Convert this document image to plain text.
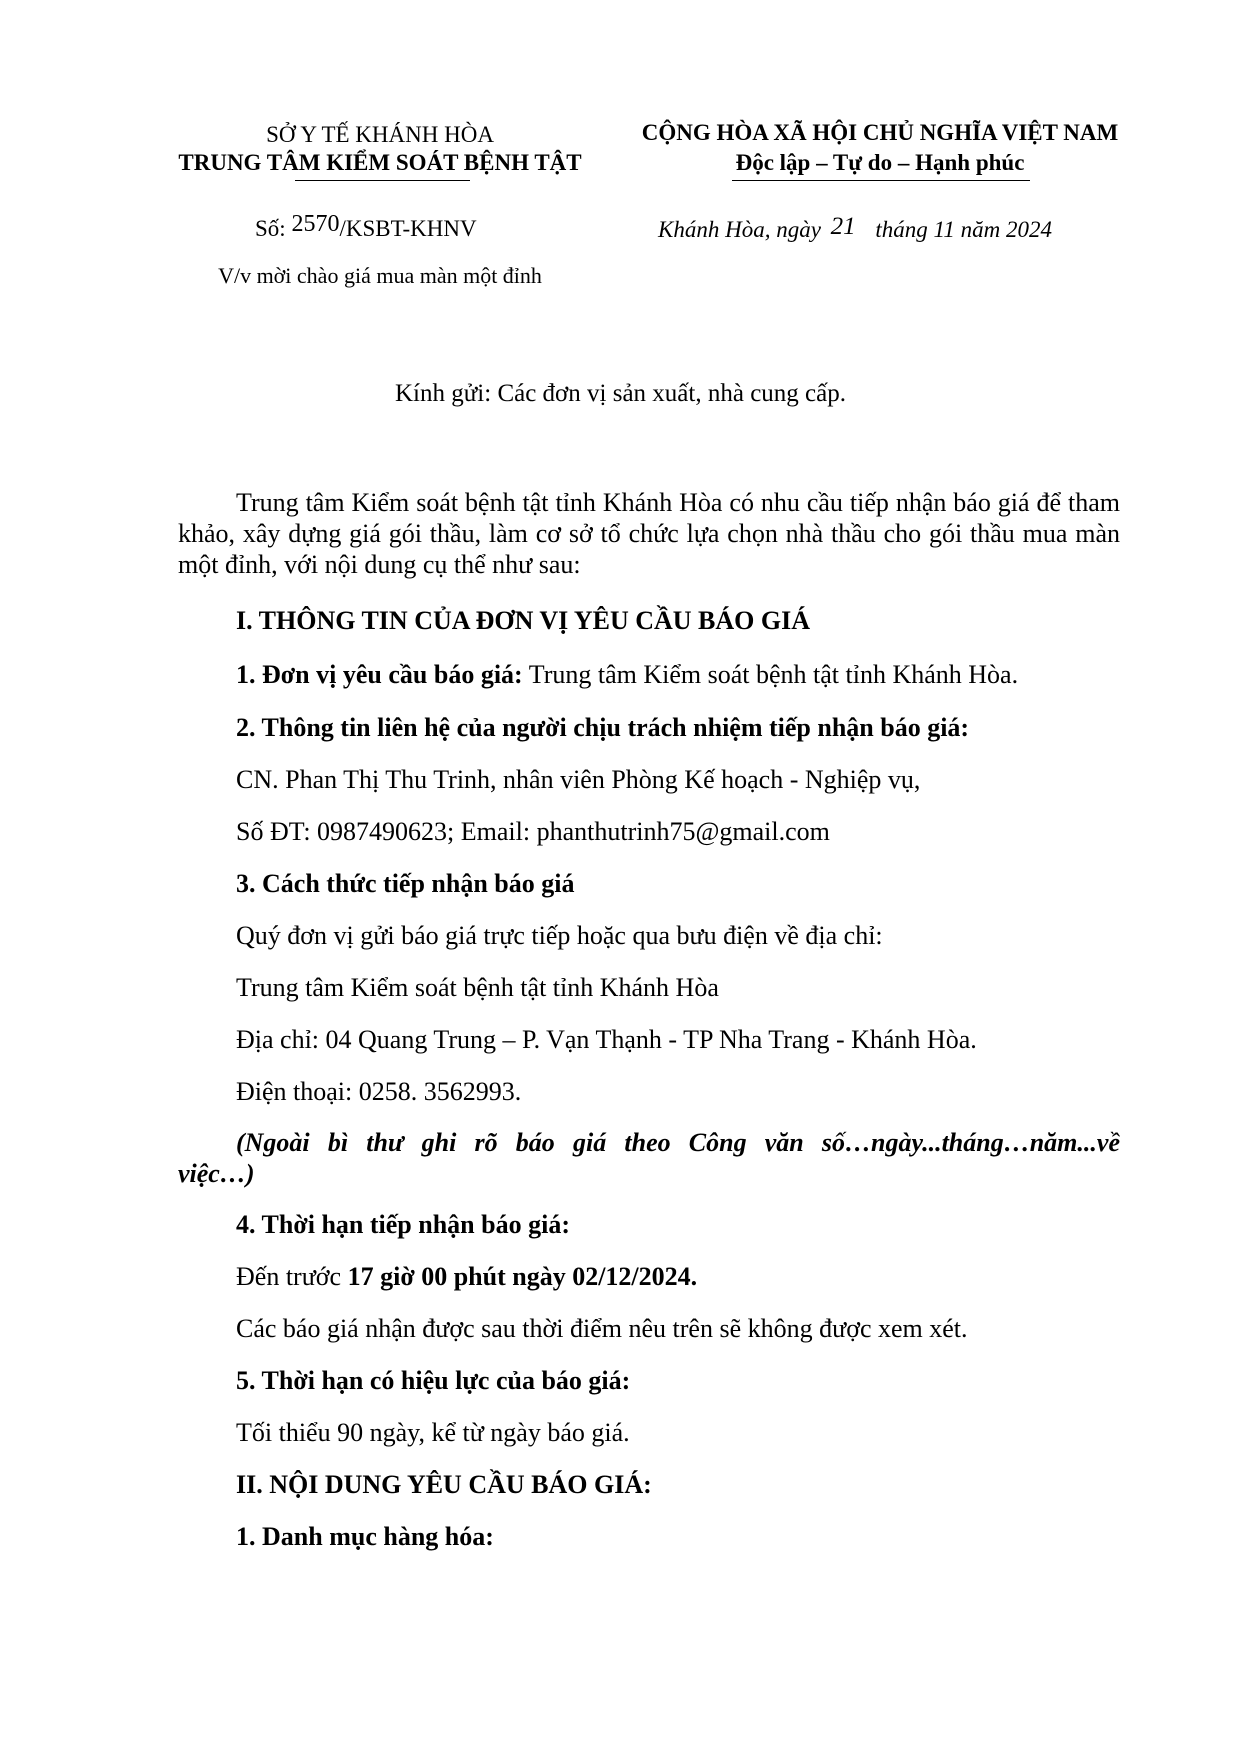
SỞ Y TẾ KHÁNH HÒA
TRUNG TÂM KIỂM SOÁT BỆNH TẬT
Số: 2570/KSBT-KHNV
V/v mời chào giá mua màn một đỉnh
CỘNG HÒA XÃ HỘI CHỦ NGHĨA VIỆT NAM
Độc lập – Tự do – Hạnh phúc
Khánh Hòa, ngày 21 tháng 11 năm 2024
Kính gửi: Các đơn vị sản xuất, nhà cung cấp.
Trung tâm Kiểm soát bệnh tật tỉnh Khánh Hòa có nhu cầu tiếp nhận báo giá để tham khảo, xây dựng giá gói thầu, làm cơ sở tổ chức lựa chọn nhà thầu cho gói thầu mua màn một đỉnh, với nội dung cụ thể như sau:
I. THÔNG TIN CỦA ĐƠN VỊ YÊU CẦU BÁO GIÁ
1. Đơn vị yêu cầu báo giá: Trung tâm Kiểm soát bệnh tật tỉnh Khánh Hòa.
2. Thông tin liên hệ của người chịu trách nhiệm tiếp nhận báo giá:
CN. Phan Thị Thu Trinh, nhân viên Phòng Kế hoạch - Nghiệp vụ,
Số ĐT: 0987490623; Email: phanthutrinh75@gmail.com
3. Cách thức tiếp nhận báo giá
Quý đơn vị gửi báo giá trực tiếp hoặc qua bưu điện về địa chỉ:
Trung tâm Kiểm soát bệnh tật tỉnh Khánh Hòa
Địa chỉ: 04 Quang Trung – P. Vạn Thạnh - TP Nha Trang - Khánh Hòa.
Điện thoại: 0258. 3562993.
(Ngoài bì thư ghi rõ báo giá theo Công văn số…ngày...tháng…năm...về việc…)
4. Thời hạn tiếp nhận báo giá:
Đến trước 17 giờ 00 phút ngày 02/12/2024.
Các báo giá nhận được sau thời điểm nêu trên sẽ không được xem xét.
5. Thời hạn có hiệu lực của báo giá:
Tối thiểu 90 ngày, kể từ ngày báo giá.
II. NỘI DUNG YÊU CẦU BÁO GIÁ:
1. Danh mục hàng hóa:
